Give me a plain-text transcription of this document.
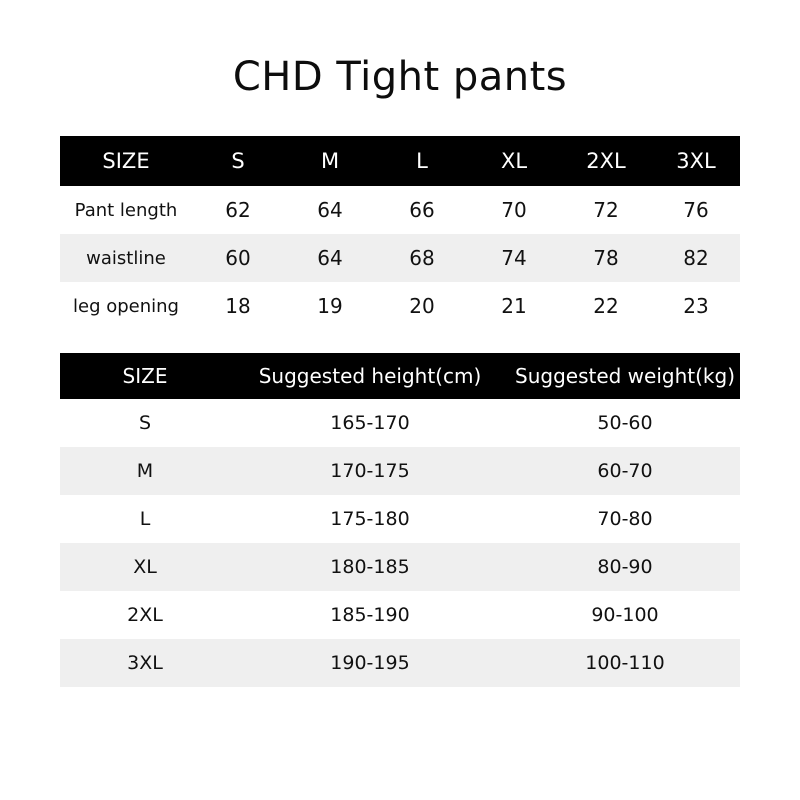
CHD Tight pants
SIZE	S	M	L	XL	2XL	3XL
Pant length	62	64	66	70	72	76
waistline	60	64	68	74	78	82
leg opening	18	19	20	21	22	23
SIZE	Suggested height(cm)	Suggested weight(kg)
S	165-170	50-60
M	170-175	60-70
L	175-180	70-80
XL	180-185	80-90
2XL	185-190	90-100
3XL	190-195	100-110
